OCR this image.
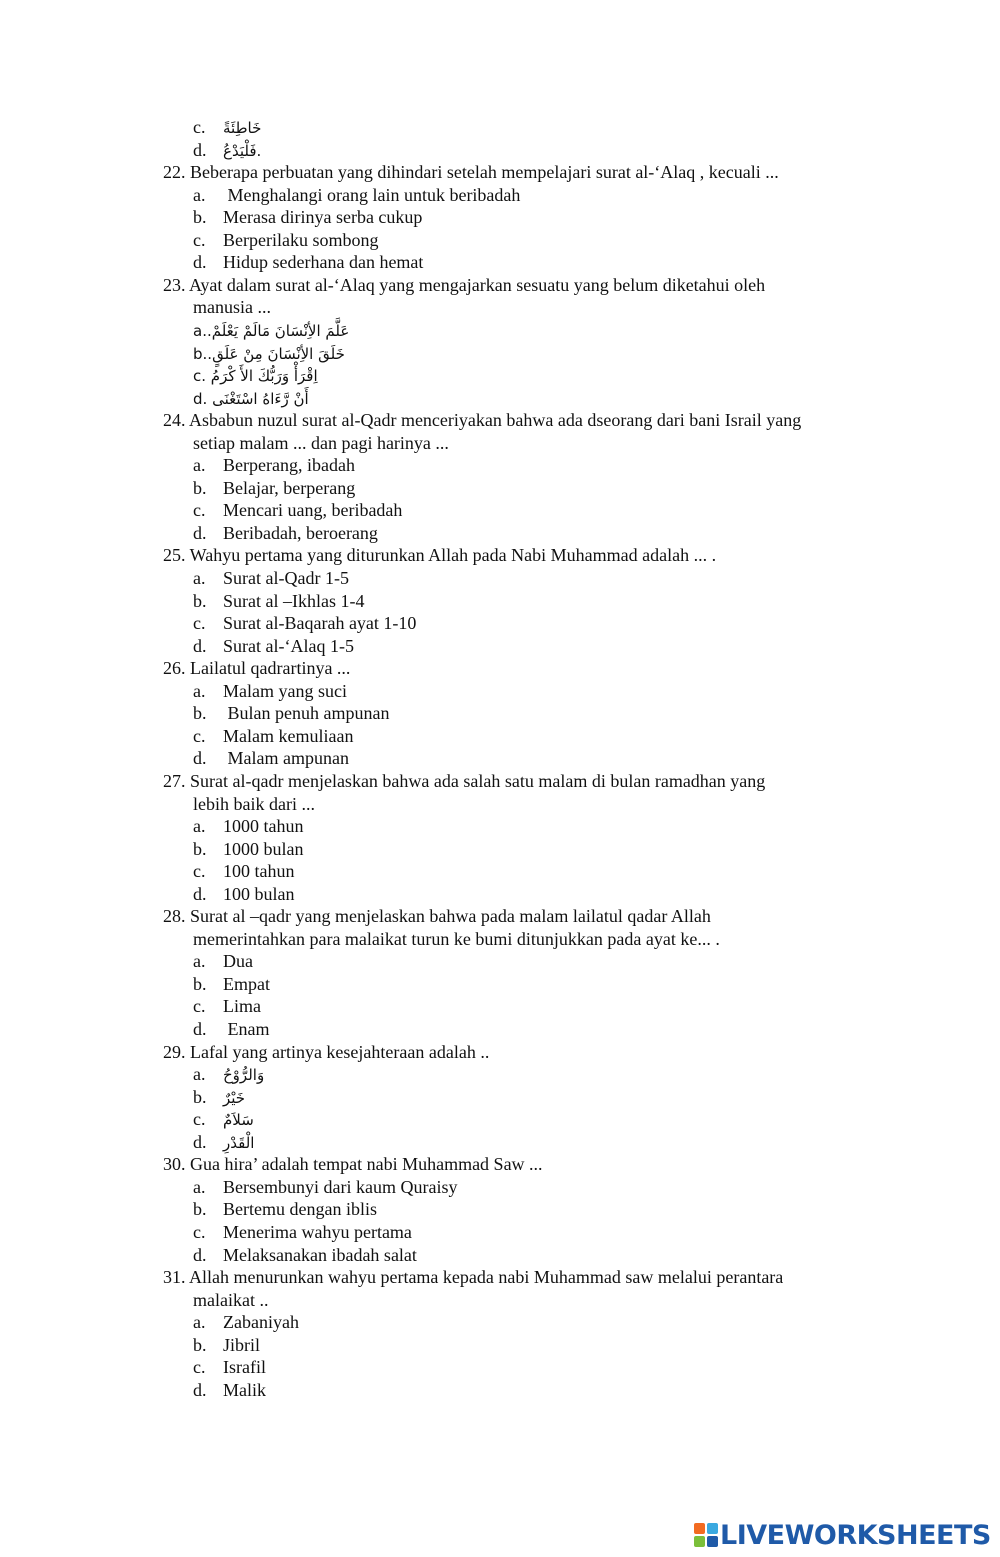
LIVEWORKSHEETS
c. خَاطِئَةً
d. فَلْيَدْعُ.
22. Beberapa perbuatan yang dihindari setelah mempelajari surat al-‘Alaq , kecuali ...
a. Menghalangi orang lain untuk beribadah
b. Merasa dirinya serba cukup
c. Berperilaku sombong
d. Hidup sederhana dan hemat
23. Ayat dalam surat al-‘Alaq yang mengajarkan sesuatu yang belum diketahui oleh
manusia ...
a..عَلَّمَ الأِنْسَانَ مَالَمْ يَعْلَمْ
b..خَلَقَ الأِنْسَانَ مِنْ عَلَقٍ
c. اِقْرَأْ وَرَبُّكَ الأَ كْرَمُ
d. أَنْ رَّءَاهُ اسْتَغْنَى
24. Asbabun nuzul surat al-Qadr menceriyakan bahwa ada dseorang dari bani Israil yang
setiap malam ... dan pagi harinya ...
a. Berperang, ibadah
b. Belajar, berperang
c. Mencari uang, beribadah
d. Beribadah, beroerang
25. Wahyu pertama yang diturunkan Allah pada Nabi Muhammad adalah ... .
a. Surat al-Qadr 1-5
b. Surat al –Ikhlas 1-4
c. Surat al-Baqarah ayat 1-10
d. Surat al-‘Alaq 1-5
26. Lailatul qadrartinya ...
a. Malam yang suci
b. Bulan penuh ampunan
c. Malam kemuliaan
d. Malam ampunan
27. Surat al-qadr menjelaskan bahwa ada salah satu malam di bulan ramadhan yang
lebih baik dari ...
a. 1000 tahun
b. 1000 bulan
c. 100 tahun
d. 100 bulan
28. Surat al –qadr yang menjelaskan bahwa pada malam lailatul qadar Allah
memerintahkan para malaikat turun ke bumi ditunjukkan pada ayat ke... .
a. Dua
b. Empat
c. Lima
d. Enam
29. Lafal yang artinya kesejahteraan adalah ..
a. وَالرُّوْحُ
b. خَيْرٌ
c. سَلاَمٌ
d. الْقَدْرِ
30. Gua hira’ adalah tempat nabi Muhammad Saw ...
a. Bersembunyi dari kaum Quraisy
b. Bertemu dengan iblis
c. Menerima wahyu pertama
d. Melaksanakan ibadah salat
31. Allah menurunkan wahyu pertama kepada nabi Muhammad saw melalui perantara
malaikat ..
a. Zabaniyah
b. Jibril
c. Israfil
d. Malik
